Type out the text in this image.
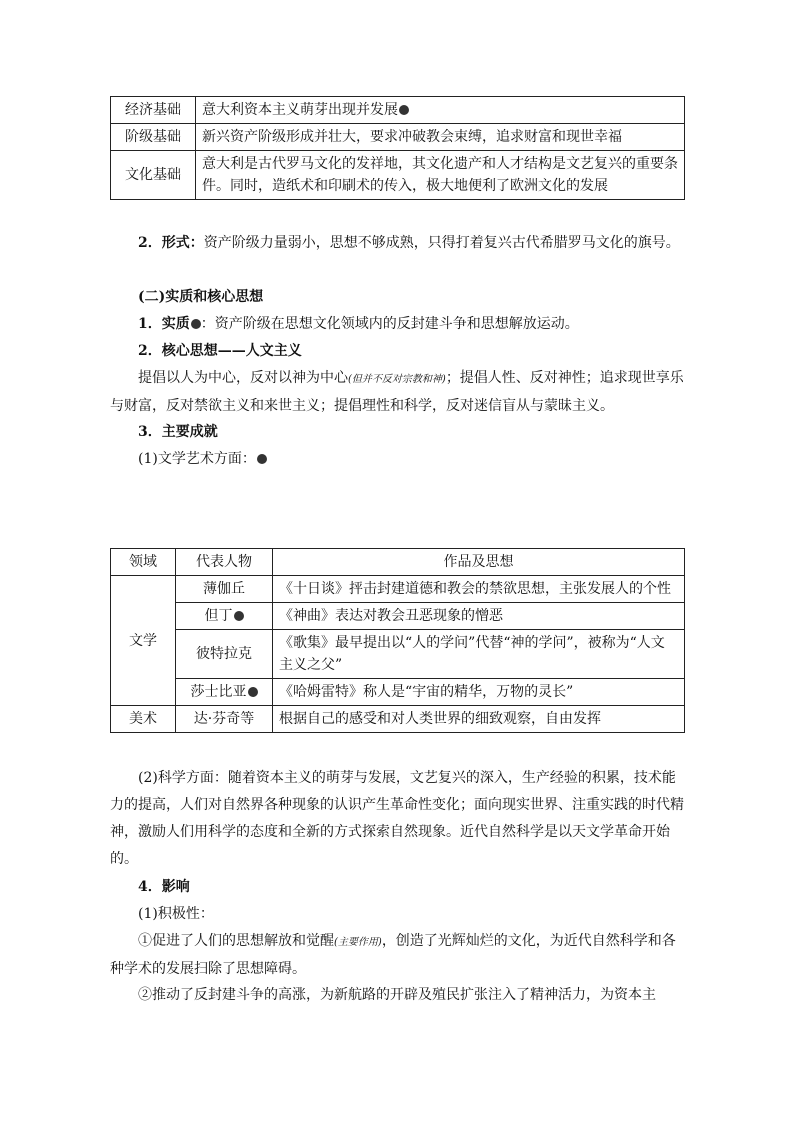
经济基础	意大利资本主义萌芽出现并发展
阶级基础	新兴资产阶级形成并壮大，要求冲破教会束缚，追求财富和现世幸福
文化基础	意大利是古代罗马文化的发祥地，其文化遗产和人才结构是文艺复兴的重要条件。同时，造纸术和印刷术的传入，极大地便利了欧洲文化的发展

2．形式：资产阶级力量弱小，思想不够成熟，只得打着复兴古代希腊罗马文化的旗号。

(二)实质和核心思想

1．实质 ：资产阶级在思想文化领域内的反封建斗争和思想解放运动。

2．核心思想——人文主义

提倡以人为中心，反对以神为中心(但并不反对宗教和神)；提倡人性、反对神性；追求现世享乐与财富，反对禁欲主义和来世主义；提倡理性和科学，反对迷信盲从与蒙昧主义。

3．主要成就

(1)文学艺术方面：

领域	代表人物	作品及思想
文学	薄伽丘	《十日谈》抨击封建道德和教会的禁欲思想，主张发展人的个性
	但丁	《神曲》表达对教会丑恶现象的憎恶
	彼特拉克	《歌集》最早提出以“人的学问”代替“神的学问”，被称为“人文主义之父”
	莎士比亚	《哈姆雷特》称人是“宇宙的精华，万物的灵长”
美术	达·芬奇等	根据自己的感受和对人类世界的细致观察，自由发挥

(2)科学方面：随着资本主义的萌芽与发展，文艺复兴的深入，生产经验的积累，技术能力的提高，人们对自然界各种现象的认识产生革命性变化；面向现实世界、注重实践的时代精神，激励人们用科学的态度和全新的方式探索自然现象。近代自然科学是以天文学革命开始的。

4．影响

(1)积极性：

①促进了人们的思想解放和觉醒(主要作用)，创造了光辉灿烂的文化，为近代自然科学和各种学术的发展扫除了思想障碍。

②推动了反封建斗争的高涨，为新航路的开辟及殖民扩张注入了精神活力，为资本主
